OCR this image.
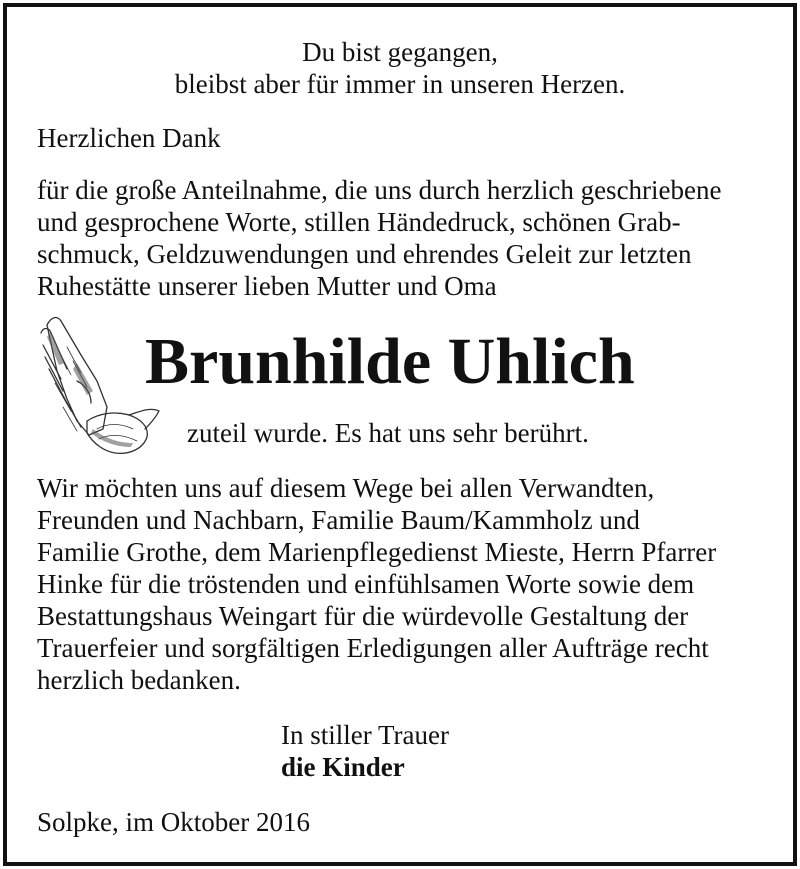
Du bist gegangen,
bleibst aber für immer in unseren Herzen.
Herzlichen Dank
für die große Anteilnahme, die uns durch herzlich geschriebene
und gesprochene Worte, stillen Händedruck, schönen Grab-
schmuck, Geldzuwendungen und ehrendes Geleit zur letzten
Ruhestätte unserer lieben Mutter und Oma
Brunhilde Uhlich
zuteil wurde. Es hat uns sehr berührt.
Wir möchten uns auf diesem Wege bei allen Verwandten,
Freunden und Nachbarn, Familie Baum/Kammholz und
Familie Grothe, dem Marienpflegedienst Mieste, Herrn Pfarrer
Hinke für die tröstenden und einfühlsamen Worte sowie dem
Bestattungshaus Weingart für die würdevolle Gestaltung der
Trauerfeier und sorgfältigen Erledigungen aller Aufträge recht
herzlich bedanken.
In stiller Trauer
die Kinder
Solpke, im Oktober 2016
